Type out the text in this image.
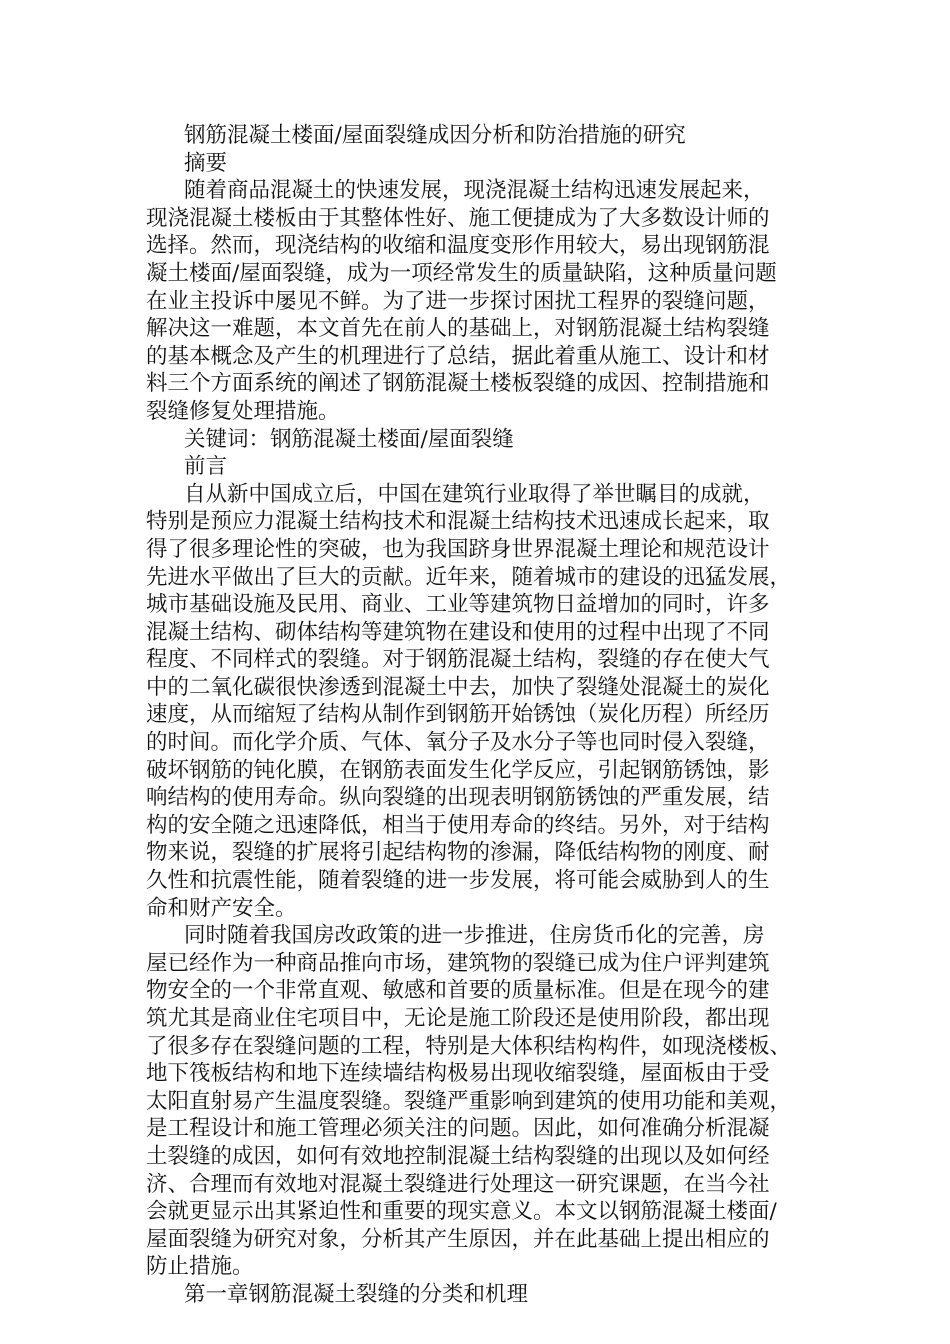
钢筋混凝土楼面/屋面裂缝成因分析和防治措施的研究

摘要

随着商品混凝土的快速发展，现浇混凝土结构迅速发展起来，
现浇混凝土楼板由于其整体性好、施工便捷成为了大多数设计师的
选择。然而，现浇结构的收缩和温度变形作用较大，易出现钢筋混
凝土楼面/屋面裂缝，成为一项经常发生的质量缺陷，这种质量问题
在业主投诉中屡见不鲜。为了进一步探讨困扰工程界的裂缝问题，
解决这一难题，本文首先在前人的基础上，对钢筋混凝土结构裂缝
的基本概念及产生的机理进行了总结，据此着重从施工、设计和材
料三个方面系统的阐述了钢筋混凝土楼板裂缝的成因、控制措施和
裂缝修复处理措施。

关键词：钢筋混凝土楼面/屋面裂缝

前言

自从新中国成立后，中国在建筑行业取得了举世瞩目的成就，
特别是预应力混凝土结构技术和混凝土结构技术迅速成长起来，取
得了很多理论性的突破，也为我国跻身世界混凝土理论和规范设计
先进水平做出了巨大的贡献。近年来，随着城市的建设的迅猛发展，
城市基础设施及民用、商业、工业等建筑物日益增加的同时，许多
混凝土结构、砌体结构等建筑物在建设和使用的过程中出现了不同
程度、不同样式的裂缝。对于钢筋混凝土结构，裂缝的存在使大气
中的二氧化碳很快渗透到混凝土中去，加快了裂缝处混凝土的炭化
速度，从而缩短了结构从制作到钢筋开始锈蚀（炭化历程）所经历
的时间。而化学介质、气体、氧分子及水分子等也同时侵入裂缝，
破坏钢筋的钝化膜，在钢筋表面发生化学反应，引起钢筋锈蚀，影
响结构的使用寿命。纵向裂缝的出现表明钢筋锈蚀的严重发展，结
构的安全随之迅速降低，相当于使用寿命的终结。另外，对于结构
物来说，裂缝的扩展将引起结构物的渗漏，降低结构物的刚度、耐
久性和抗震性能，随着裂缝的进一步发展，将可能会威胁到人的生
命和财产安全。
同时随着我国房改政策的进一步推进，住房货币化的完善，房
屋已经作为一种商品推向市场，建筑物的裂缝已成为住户评判建筑
物安全的一个非常直观、敏感和首要的质量标准。但是在现今的建
筑尤其是商业住宅项目中，无论是施工阶段还是使用阶段，都出现
了很多存在裂缝问题的工程，特别是大体积结构构件，如现浇楼板、
地下筏板结构和地下连续墙结构极易出现收缩裂缝，屋面板由于受
太阳直射易产生温度裂缝。裂缝严重影响到建筑的使用功能和美观，
是工程设计和施工管理必须关注的问题。因此，如何准确分析混凝
土裂缝的成因，如何有效地控制混凝土结构裂缝的出现以及如何经
济、合理而有效地对混凝土裂缝进行处理这一研究课题，在当今社
会就更显示出其紧迫性和重要的现实意义。本文以钢筋混凝土楼面/
屋面裂缝为研究对象，分析其产生原因，并在此基础上提出相应的
防止措施。

第一章钢筋混凝土裂缝的分类和机理
